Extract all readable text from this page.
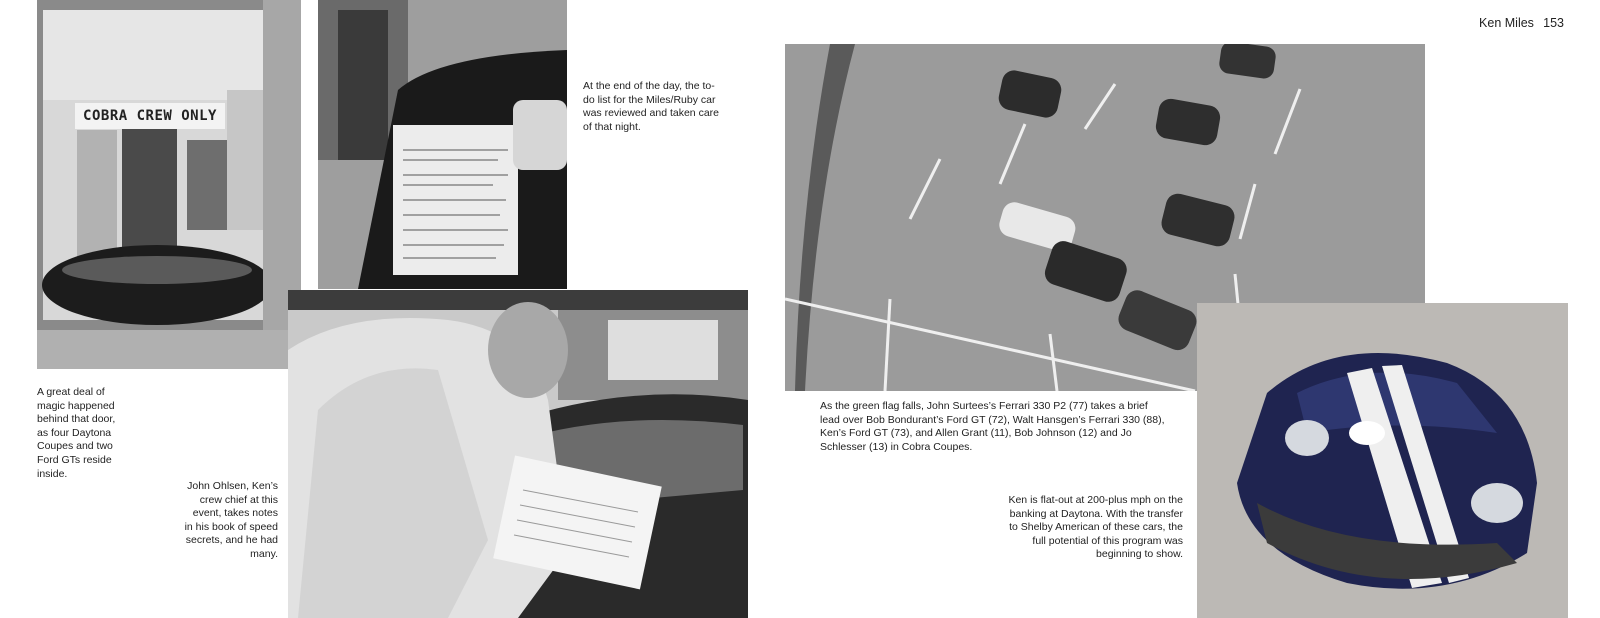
Ken Miles 153
COBRA CREW ONLY
A great deal of magic happened behind that door, as four Daytona Coupes and two Ford GTs reside inside.
At the end of the day, the to-do list for the Miles/Ruby car was reviewed and taken care of that night.
John Ohlsen, Ken’s crew chief at this event, takes notes in his book of speed secrets, and he had many.
As the green flag falls, John Surtees’s Ferrari 330 P2 (77) takes a brief lead over Bob Bondurant’s Ford GT (72), Walt Hansgen’s Ferrari 330 (88), Ken’s Ford GT (73), and Allen Grant (11), Bob Johnson (12) and Jo Schlesser (13) in Cobra Coupes.
Ken is flat-out at 200-plus mph on the banking at Daytona. With the transfer to Shelby American of these cars, the full potential of this program was beginning to show.
